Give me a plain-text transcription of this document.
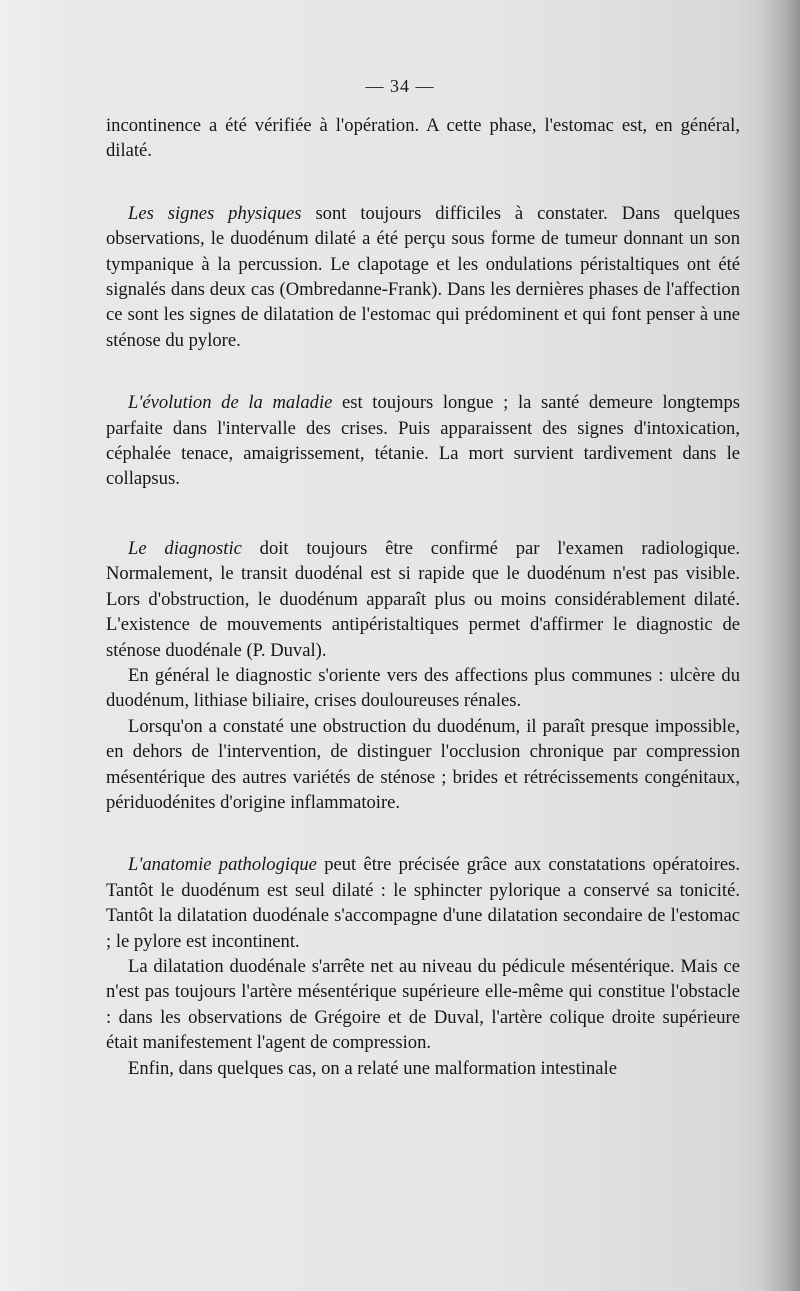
— 34 —

incontinence a été vérifiée à l'opération. A cette phase, l'estomac est, en général, dilaté.

Les signes physiques sont toujours difficiles à constater. Dans quelques observations, le duodénum dilaté a été perçu sous forme de tumeur donnant un son tympanique à la percussion. Le clapotage et les ondulations péristaltiques ont été signalés dans deux cas (Ombredanne-Frank). Dans les dernières phases de l'affection ce sont les signes de dilatation de l'estomac qui prédominent et qui font penser à une sténose du pylore.

L'évolution de la maladie est toujours longue ; la santé demeure longtemps parfaite dans l'intervalle des crises. Puis apparaissent des signes d'intoxication, céphalée tenace, amaigrissement, tétanie. La mort survient tardivement dans le collapsus.

Le diagnostic doit toujours être confirmé par l'examen radiologique. Normalement, le transit duodénal est si rapide que le duodénum n'est pas visible. Lors d'obstruction, le duodénum apparaît plus ou moins considérablement dilaté. L'existence de mouvements antipéristaltiques permet d'affirmer le diagnostic de sténose duodénale (P. Duval).

En général le diagnostic s'oriente vers des affections plus communes : ulcère du duodénum, lithiase biliaire, crises douloureuses rénales.

Lorsqu'on a constaté une obstruction du duodénum, il paraît presque impossible, en dehors de l'intervention, de distinguer l'occlusion chronique par compression mésentérique des autres variétés de sténose ; brides et rétrécissements congénitaux, périduodénites d'origine inflammatoire.

L'anatomie pathologique peut être précisée grâce aux constatations opératoires. Tantôt le duodénum est seul dilaté : le sphincter pylorique a conservé sa tonicité. Tantôt la dilatation duodénale s'accompagne d'une dilatation secondaire de l'estomac ; le pylore est incontinent.

La dilatation duodénale s'arrête net au niveau du pédicule mésentérique. Mais ce n'est pas toujours l'artère mésentérique supérieure elle-même qui constitue l'obstacle : dans les observations de Grégoire et de Duval, l'artère colique droite supérieure était manifestement l'agent de compression.

Enfin, dans quelques cas, on a relaté une malformation intestinale
